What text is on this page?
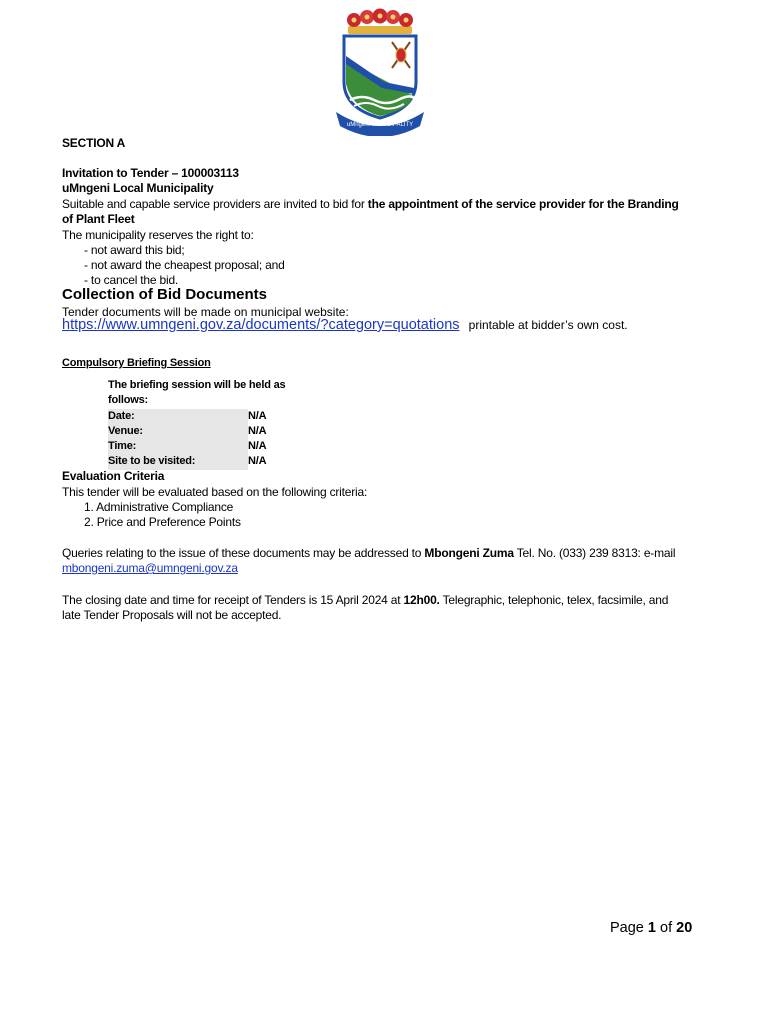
uMngeni MUNICIPALITY
SECTION A
Invitation to Tender – 100003113
uMngeni Local Municipality
Suitable and capable service providers are invited to bid for the appointment of the service provider for the Branding
of Plant Fleet
The municipality reserves the right to:
- not award this bid;
- not award the cheapest proposal; and
- to cancel the bid.
Collection of Bid Documents
Tender documents will be made on municipal website:
https://www.umngeni.gov.za/documents/?category=quotations printable at bidder’s own cost.
Compulsory Briefing Session
The briefing session will be held as follows:
Date:	N/A
Venue:	N/A
Time:	N/A
Site to be visited:	N/A
Evaluation Criteria
This tender will be evaluated based on the following criteria:
1. Administrative Compliance
2. Price and Preference Points
Queries relating to the issue of these documents may be addressed to Mbongeni Zuma Tel. No. (033) 239 8313: e-mail
mbongeni.zuma@umngeni.gov.za
The closing date and time for receipt of Tenders is 15 April 2024 at 12h00. Telegraphic, telephonic, telex, facsimile, and
late Tender Proposals will not be accepted.
Page 1 of 20
